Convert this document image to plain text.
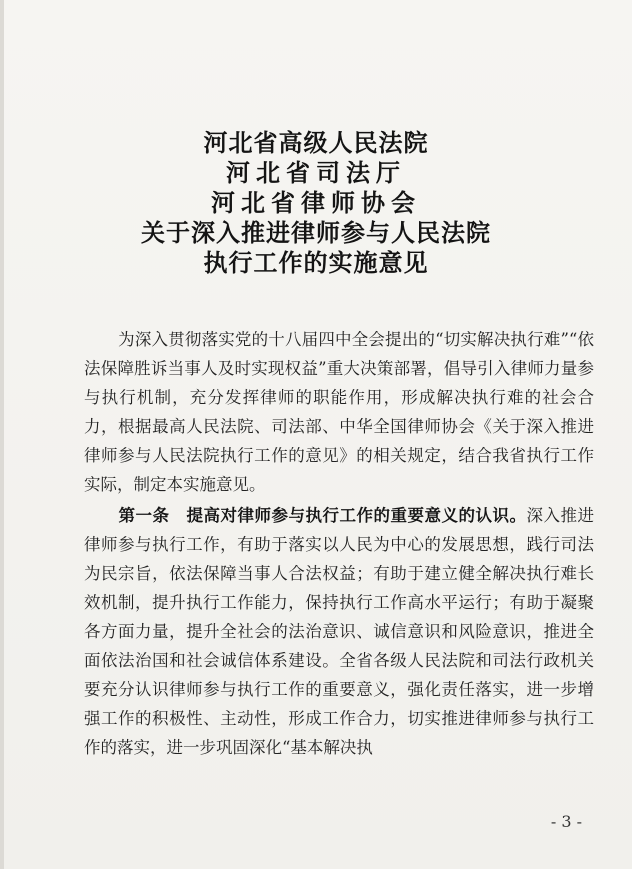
河北省高级人民法院
河北省司法厅
河北省律师协会
关于深入推进律师参与人民法院
执行工作的实施意见

为深入贯彻落实党的十八届四中全会提出的“切实解决执行难”“依法保障胜诉当事人及时实现权益”重大决策部署，倡导引入律师力量参与执行机制，充分发挥律师的职能作用，形成解决执行难的社会合力，根据最高人民法院、司法部、中华全国律师协会《关于深入推进律师参与人民法院执行工作的意见》的相关规定，结合我省执行工作实际，制定本实施意见。

第一条　提高对律师参与执行工作的重要意义的认识。深入推进律师参与执行工作，有助于落实以人民为中心的发展思想，践行司法为民宗旨，依法保障当事人合法权益；有助于建立健全解决执行难长效机制，提升执行工作能力，保持执行工作高水平运行；有助于凝聚各方面力量，提升全社会的法治意识、诚信意识和风险意识，推进全面依法治国和社会诚信体系建设。全省各级人民法院和司法行政机关要充分认识律师参与执行工作的重要意义，强化责任落实，进一步增强工作的积极性、主动性，形成工作合力，切实推进律师参与执行工作的落实，进一步巩固深化“基本解决执

- 3 -
